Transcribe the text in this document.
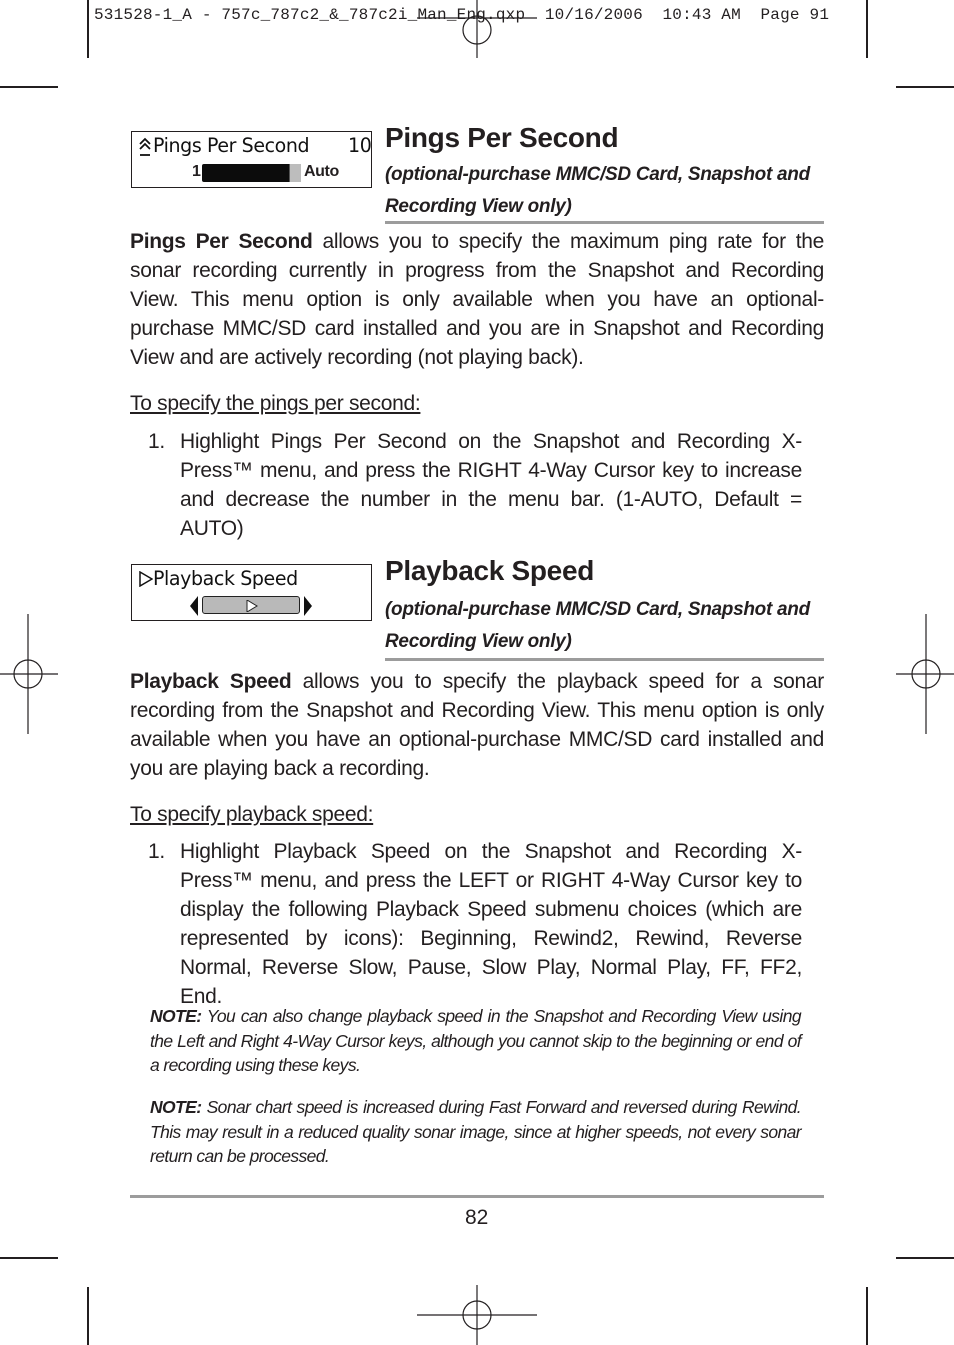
531528-1_A - 757c_787c2_&_787c2i_Man_Eng.qxp  10/16/2006  10:43 AM  Page 91
Pings Per Second 10
1	Auto
Pings Per Second
(optional-purchase MMC/SD Card, Snapshot and Recording View only)
Pings Per Second allows you to specify the maximum ping rate for the sonar recording currently in progress from the Snapshot and Recording View. This menu option is only available when you have an optional-purchase MMC/SD card installed and you are in Snapshot and Recording View and are actively recording (not playing back).
To specify the pings per second:
1. Highlight Pings Per Second on the Snapshot and Recording X-Press™ menu, and press the RIGHT 4-Way Cursor key to increase and decrease the number in the menu bar. (1-AUTO, Default = AUTO)
Playback Speed	Playback Speed
(optional-purchase MMC/SD Card, Snapshot and Recording View only)
Playback Speed allows you to specify the playback speed for a sonar recording from the Snapshot and Recording View. This menu option is only available when you have an optional-purchase MMC/SD card installed and you are playing back a recording.
To specify playback speed:
1. Highlight Playback Speed on the Snapshot and Recording X-Press™ menu, and press the LEFT or RIGHT 4-Way Cursor key to display the following Playback Speed submenu choices (which are represented by icons): Beginning, Rewind2, Rewind, Reverse Normal, Reverse Slow, Pause, Slow Play, Normal Play, FF, FF2, End.
NOTE: You can also change playback speed in the Snapshot and Recording View using the Left and Right 4-Way Cursor keys, although you cannot skip to the beginning or end of a recording using these keys.
NOTE: Sonar chart speed is increased during Fast Forward and reversed during Rewind. This may result in a reduced quality sonar image, since at higher speeds, not every sonar return can be processed.
82
